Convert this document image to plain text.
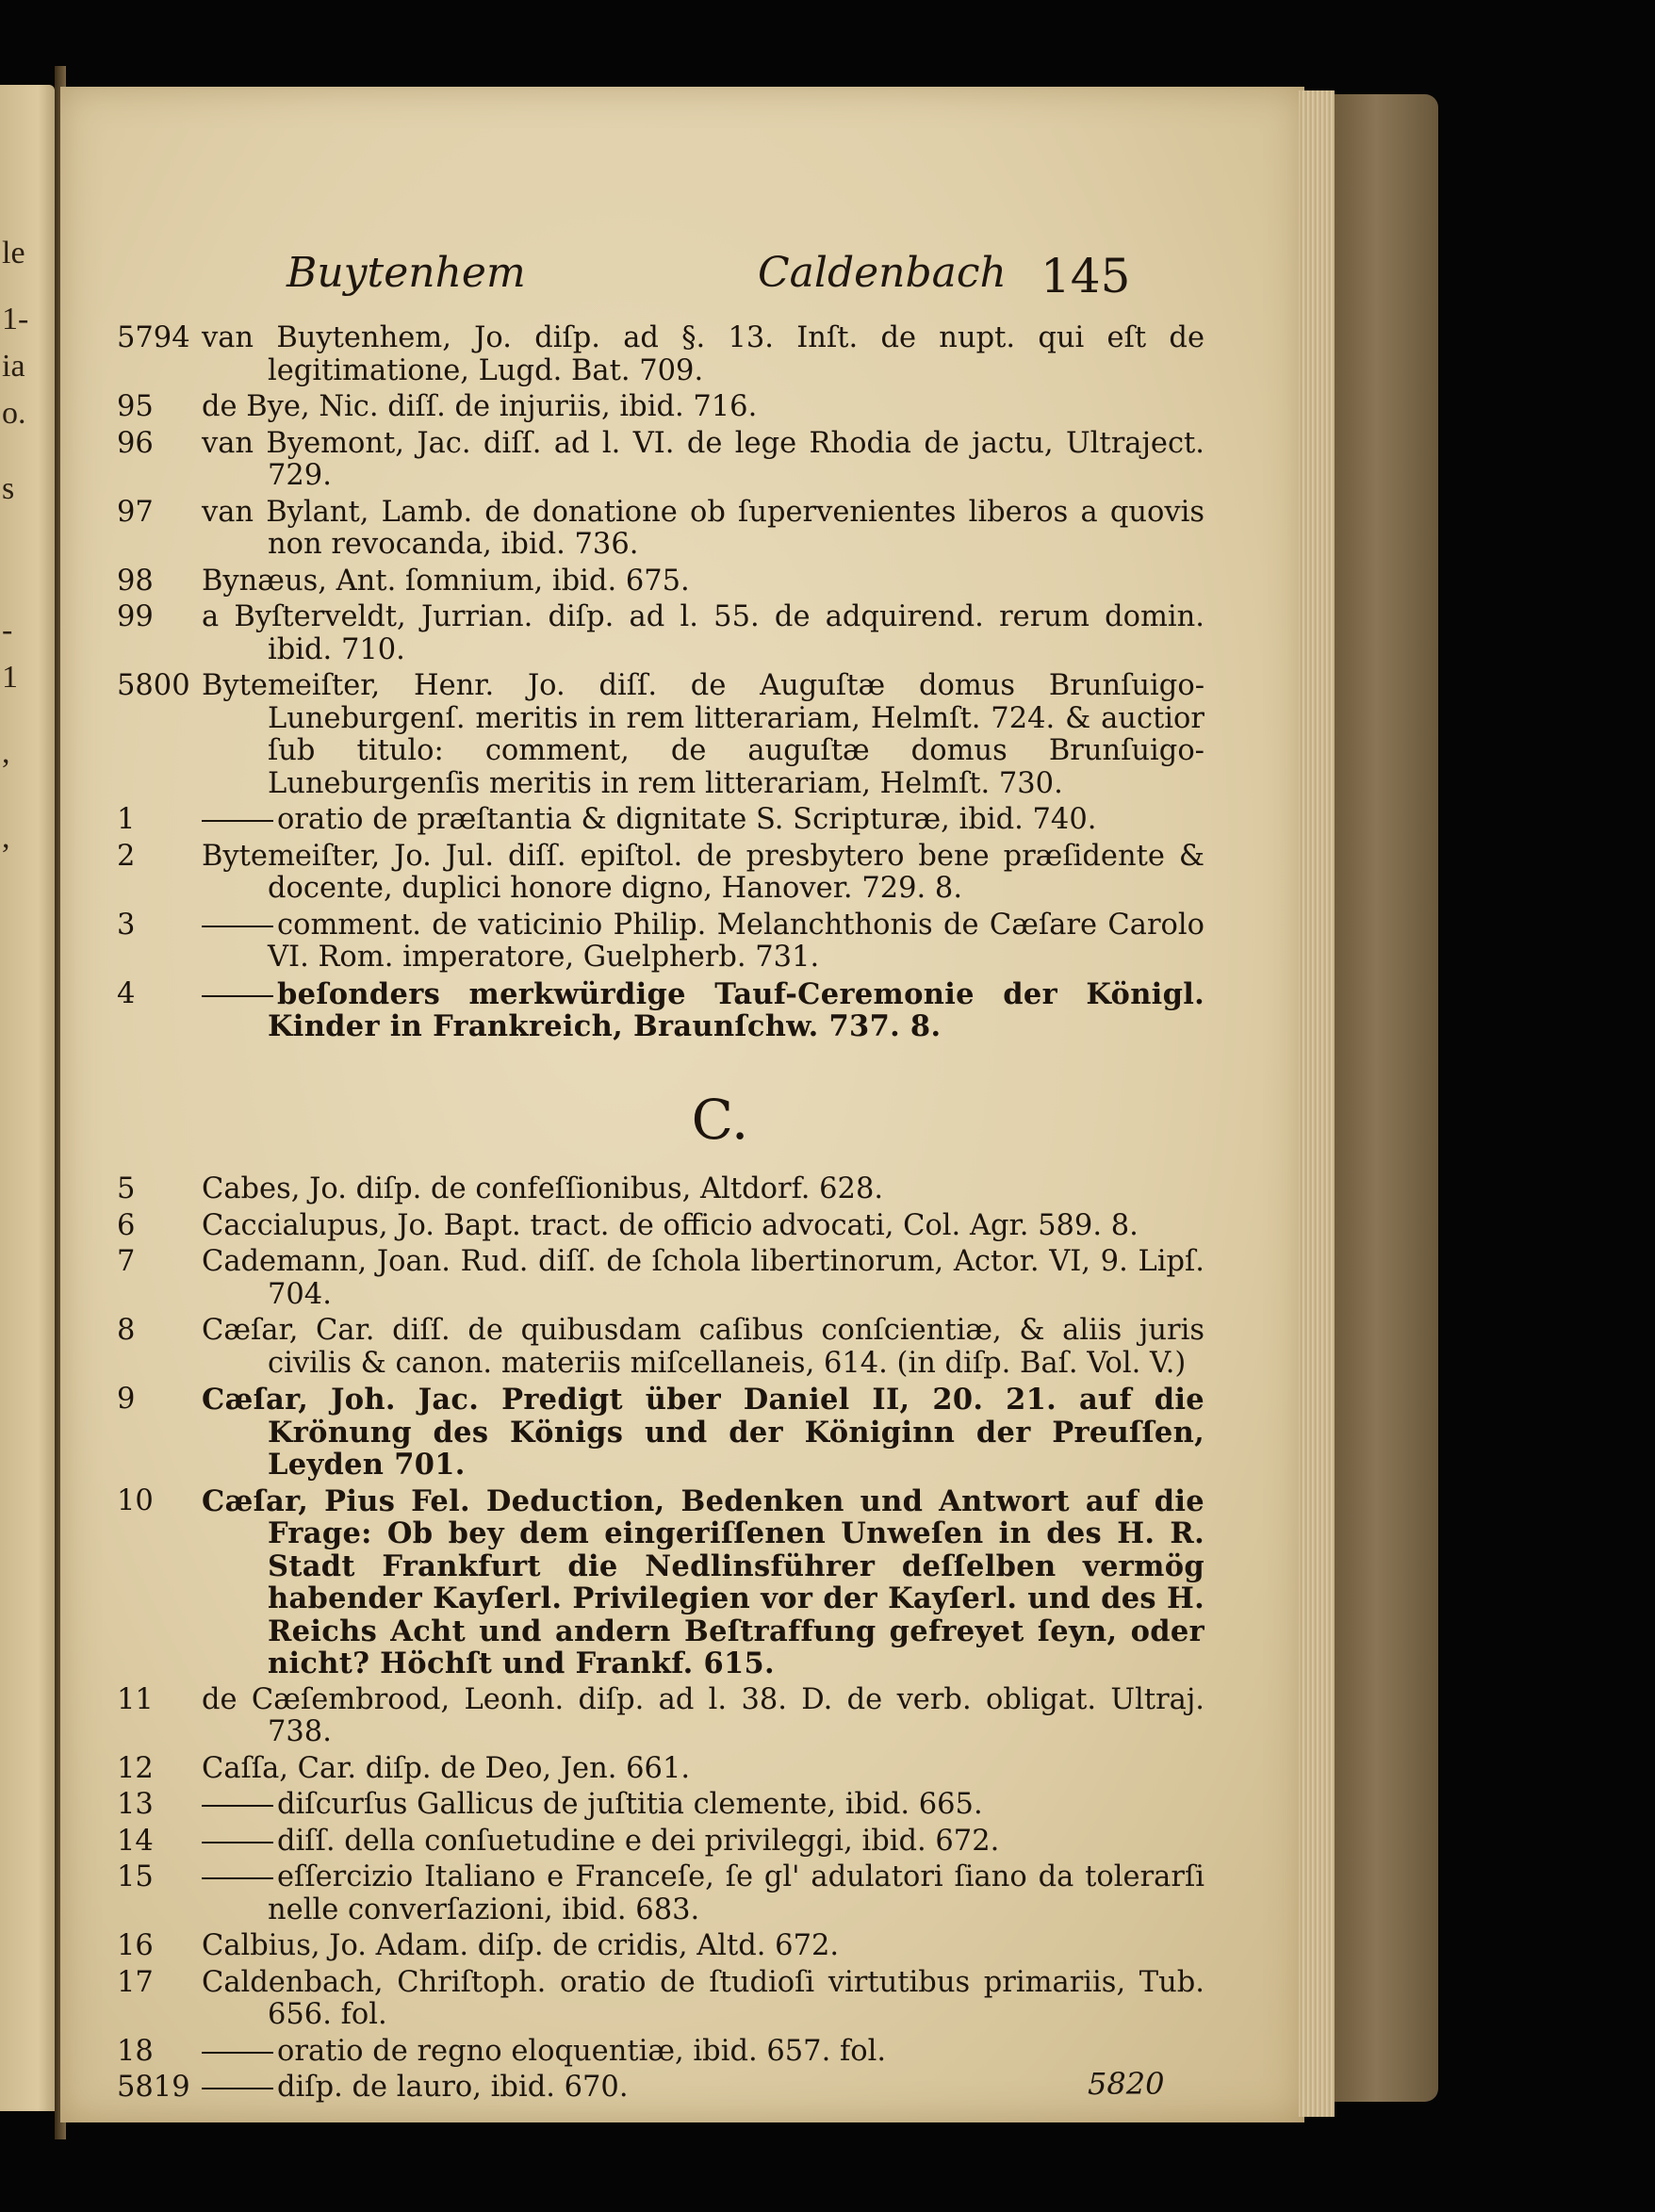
le
1-
ia
o.
s
-
1
,
,
Buytenhem	Caldenbach 145
5794 van Buytenhem, Jo. diſp. ad §. 13. Inſt. de nupt. qui eſt de legitimatione, Lugd. Bat. 709.
95	de Bye, Nic. diſſ. de injuriis, ibid. 716.
96	van Byemont, Jac. diſſ. ad l. VI. de lege Rhodia de jactu, Ultraject. 729.
97	van Bylant, Lamb. de donatione ob ſupervenientes liberos a quovis non revocanda, ibid. 736.
98	Bynæus, Ant. ſomnium, ibid. 675.
99	a Byſterveldt, Jurrian. diſp. ad l. 55. de adquirend. rerum domin. ibid. 710.
5800 Bytemeiſter, Henr. Jo. diſſ. de Auguſtæ domus Brunſuigo-Luneburgenſ. meritis in rem litterariam, Helmſt. 724. & auctior ſub titulo: comment, de auguſtæ domus Brunſuigo-Luneburgenſis meritis in rem litterariam, Helmſt. 730.
1	oratio de præſtantia & dignitate S. Scripturæ, ibid. 740.
2	Bytemeiſter, Jo. Jul. diſſ. epiſtol. de presbytero bene præſidente & docente, duplici honore digno, Hanover. 729. 8.
3	comment. de vaticinio Philip. Melanchthonis de Cæſare Carolo VI. Rom. imperatore, Guelpherb. 731.
4	beſonders merkwürdige Tauf-Ceremonie der Königl. Kinder in Frankreich, Braunſchw. 737. 8.
C.
5	Cabes, Jo. diſp. de confeſſionibus, Altdorf. 628.
6	Caccialupus, Jo. Bapt. tract. de officio advocati, Col. Agr. 589. 8.
7	Cademann, Joan. Rud. diſſ. de ſchola libertinorum, Actor. VI, 9. Lipſ. 704.
8	Cæſar, Car. diſſ. de quibusdam caſibus conſcientiæ, & aliis juris civilis & canon. materiis miſcellaneis, 614. (in diſp. Baſ. Vol. V.)
9	Cæſar, Joh. Jac. Predigt über Daniel II, 20. 21. auf die Krönung des Königs und der Königinn der Preuſſen, Leyden 701.
10	Cæſar, Pius Fel. Deduction, Bedenken und Antwort auf die Frage: Ob bey dem eingeriſſenen Unweſen in des H. R. Stadt Frankfurt die Nedlinsführer deſſelben vermög habender Kayſerl. Privilegien vor der Kayſerl. und des H. Reichs Acht und andern Beſtraffung gefreyet ſeyn, oder nicht? Höchſt und Frankf. 615.
11	de Cæſembrood, Leonh. diſp. ad l. 38. D. de verb. obligat. Ultraj. 738.
12	Caſſa, Car. diſp. de Deo, Jen. 661.
13	diſcurſus Gallicus de juſtitia clemente, ibid. 665.
14	diſſ. della conſuetudine e dei privileggi, ibid. 672.
15	eſſercizio Italiano e Franceſe, ſe gl' adulatori ſiano da tolerarſi nelle converſazioni, ibid. 683.
16	Calbius, Jo. Adam. diſp. de cridis, Altd. 672.
17	Caldenbach, Chriſtoph. oratio de ſtudioſi virtutibus primariis, Tub. 656. fol.
18	oratio de regno eloquentiæ, ibid. 657. fol.
5819	diſp. de lauro, ibid. 670.	5820
